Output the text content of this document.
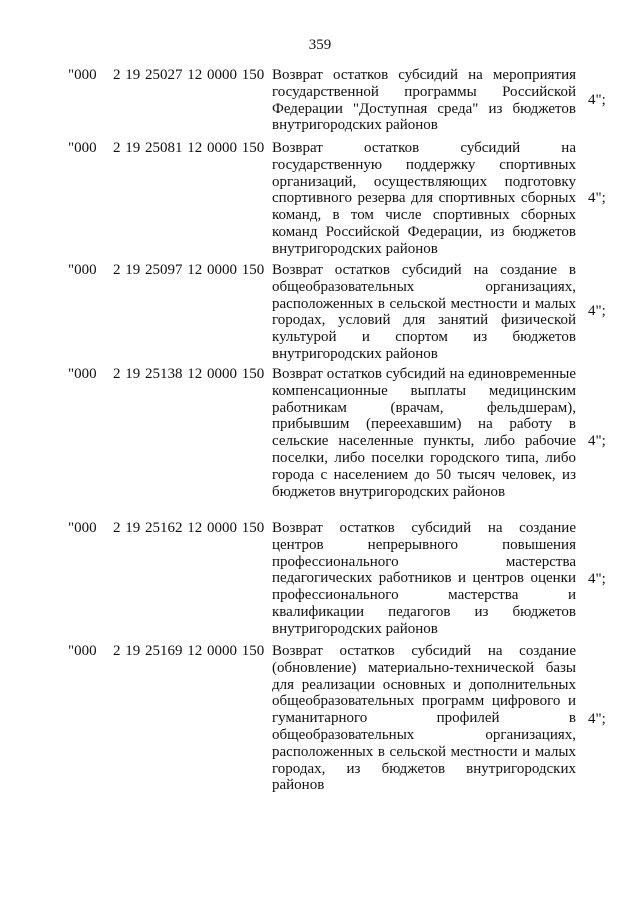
359
"000 2 19 25027 12 0000 150 Возврат остатков субсидий на мероприятия государственной программы Российской Федерации "Доступная среда" из бюджетов внутригородских районов
4";
"000 2 19 25081 12 0000 150 Возврат остатков субсидий на государственную поддержку спортивных организаций, осуществляющих подготовку спортивного резерва для спортивных сборных команд, в том числе спортивных сборных команд Российской Федерации, из бюджетов внутригородских районов
4";
"000 2 19 25097 12 0000 150 Возврат остатков субсидий на создание в общеобразовательных организациях, расположенных в сельской местности и малых городах, условий для занятий физической культурой и спортом из бюджетов внутригородских районов
4";
"000 2 19 25138 12 0000 150 Возврат остатков субсидий на единовременные компенсационные выплаты медицинским работникам (врачам, фельдшерам), прибывшим (переехавшим) на работу в сельские населенные пункты, либо рабочие поселки, либо поселки городского типа, либо города с населением до 50 тысяч человек, из бюджетов внутригородских районов
4";
"000 2 19 25162 12 0000 150 Возврат остатков субсидий на создание центров непрерывного повышения профессионального мастерства педагогических работников и центров оценки профессионального мастерства и квалификации педагогов из бюджетов внутригородских районов
4";
"000 2 19 25169 12 0000 150 Возврат остатков субсидий на создание (обновление) материально-технической базы для реализации основных и дополнительных общеобразовательных программ цифрового и гуманитарного профилей в общеобразовательных организациях, расположенных в сельской местности и малых городах, из бюджетов внутригородских районов
4";
